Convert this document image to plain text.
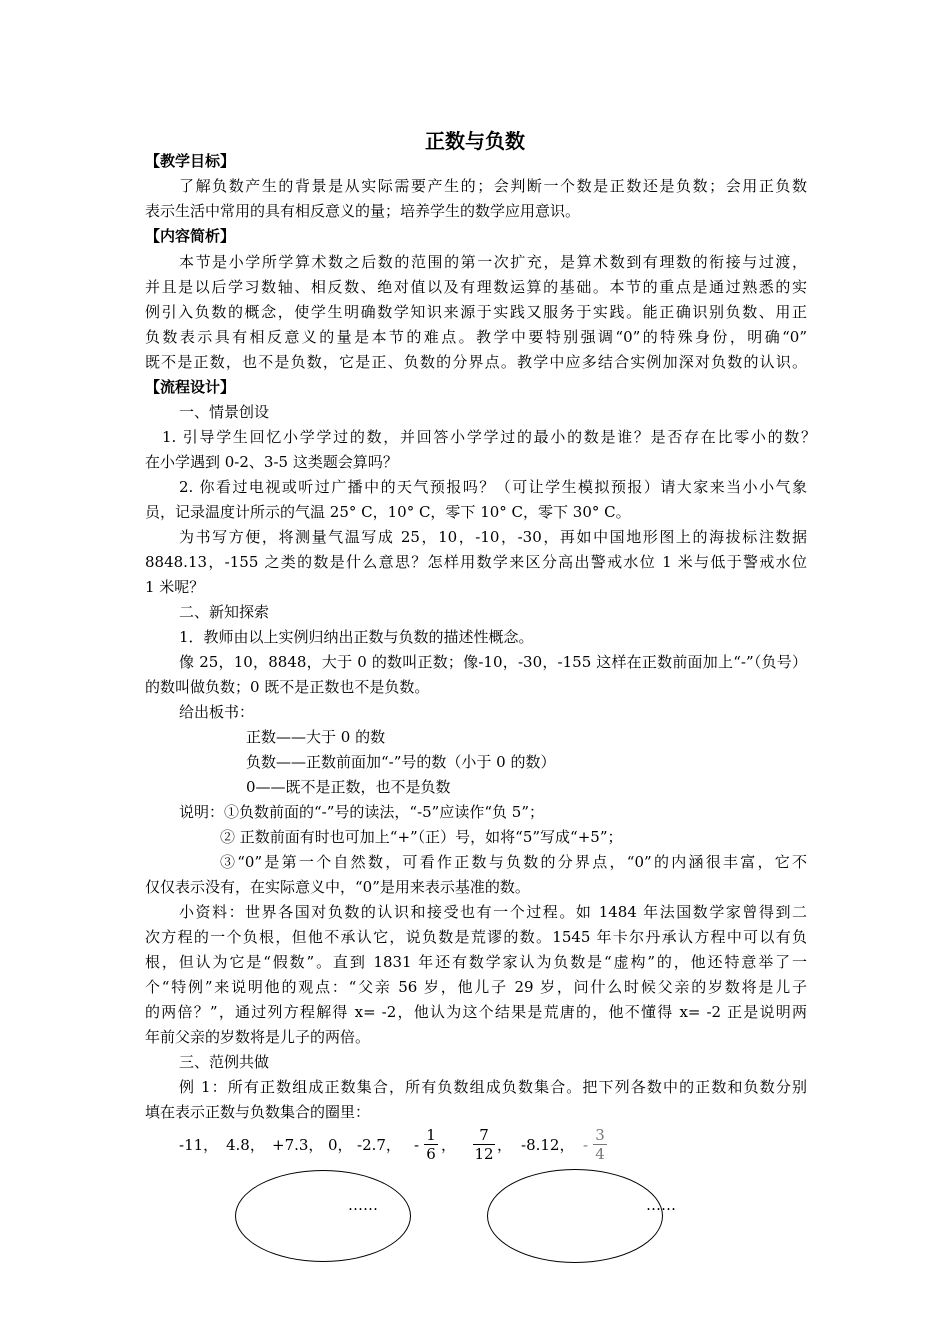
正数与负数
【教学目标】
了解负数产生的背景是从实际需要产生的；会判断一个数是正数还是负数；会用正负数
表示生活中常用的具有相反意义的量；培养学生的数学应用意识。
【内容简析】
本节是小学所学算术数之后数的范围的第一次扩充，是算术数到有理数的衔接与过渡，
并且是以后学习数轴、相反数、绝对值以及有理数运算的基础。本节的重点是通过熟悉的实
例引入负数的概念，使学生明确数学知识来源于实践又服务于实践。能正确识别负数、用正
负数表示具有相反意义的量是本节的难点。教学中要特别强调“0”的特殊身份，明确“0”
既不是正数，也不是负数，它是正、负数的分界点。教学中应多结合实例加深对负数的认识。
【流程设计】
一、情景创设
1. 引导学生回忆小学学过的数，并回答小学学过的最小的数是谁？是否存在比零小的数？
在小学遇到 0-2、3-5 这类题会算吗？
2. 你看过电视或听过广播中的天气预报吗？（可让学生模拟预报）请大家来当小小气象
员，记录温度计所示的气温 25° C，10° C，零下 10° C，零下 30° C。
为书写方便，将测量气温写成 25，10，-10，-30，再如中国地形图上的海拔标注数据
8848.13，-155 之类的数是什么意思？怎样用数学来区分高出警戒水位 1 米与低于警戒水位
1 米呢？
二、新知探索
1．教师由以上实例归纳出正数与负数的描述性概念。
像 25，10，8848，大于 0 的数叫正数；像-10，-30，-155 这样在正数前面加上“-”（负号）
的数叫做负数；0 既不是正数也不是负数。
给出板书：
正数——大于 0 的数
负数——正数前面加“-”号的数（小于 0 的数）
0——既不是正数，也不是负数
说明：①负数前面的“-”号的读法，“-5”应读作“负 5”；
② 正数前面有时也可加上“+”（正）号，如将“5”写成“+5”；
③“0”是第一个自然数，可看作正数与负数的分界点，“0”的内涵很丰富，它不
仅仅表示没有，在实际意义中，“0”是用来表示基准的数。
小资料：世界各国对负数的认识和接受也有一个过程。如 1484 年法国数学家曾得到二
次方程的一个负根，但他不承认它，说负数是荒谬的数。1545 年卡尔丹承认方程中可以有负
根，但认为它是“假数”。直到 1831 年还有数学家认为负数是“虚构”的，他还特意举了一
个“特例”来说明他的观点：“父亲 56 岁，他儿子 29 岁，问什么时候父亲的岁数将是儿子
的两倍？”，通过列方程解得 x= -2，他认为这个结果是荒唐的，他不懂得 x= -2 正是说明两
年前父亲的岁数将是儿子的两倍。
三、范例共做
例 1：所有正数组成正数集合，所有负数组成负数集合。把下列各数中的正数和负数分别
填在表示正数与负数集合的圈里：
-11， 4.8， +7.3， 0， -2.7， - $\frac{1}{6}$ ， $\frac{7}{12}$ ， -8.12， - $\frac{3}{4}$
……	……
